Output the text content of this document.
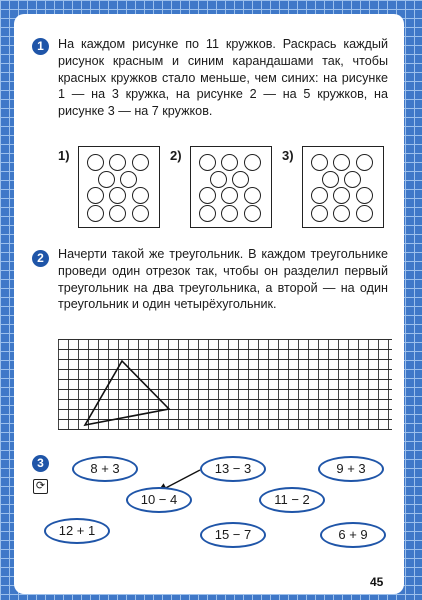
1	На каждом рисунке по 11 кружков. Раскрась каждый рисунок красным и синим карандашами так, чтобы красных кружков стало меньше, чем синих: на рисунке 1 — на 3 кружка, на рисунке 2 — на 5 кружков, на рисунке 3 — на 7 кружков.
1)	2)	3)
2	Начерти такой же треугольник. В каждом треугольнике проведи один отрезок так, чтобы он разделил первый треугольник на два треугольника, а второй — на один треугольник и один четырёхугольник.
3
⟳
8 + 3	13 − 3	9 + 3
10 − 4	11 − 2
12 + 1	15 − 7	6 + 9
45
